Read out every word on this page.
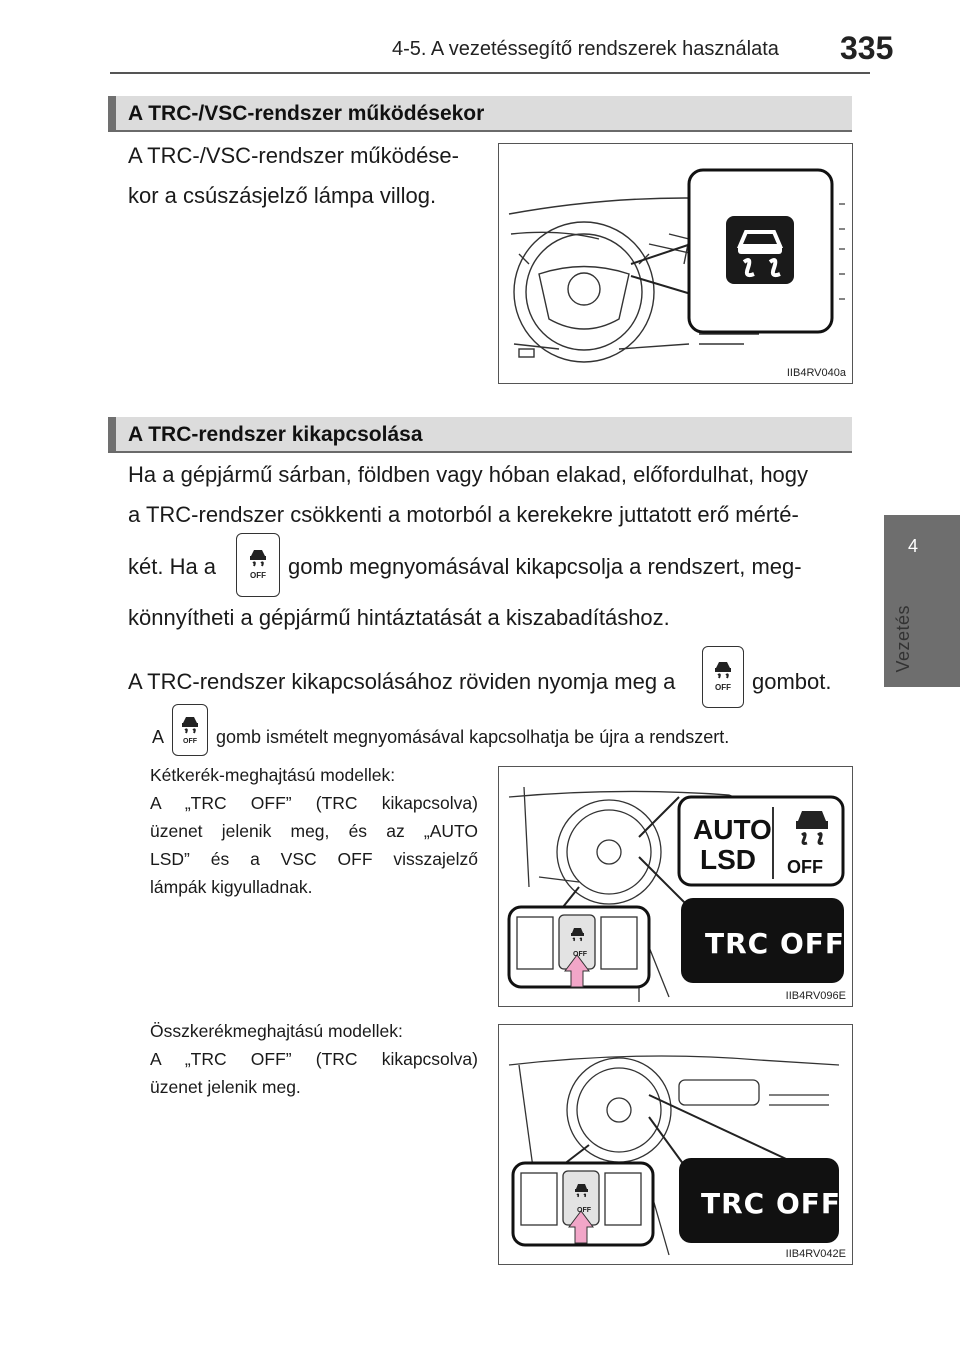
4-5. A vezetéssegítő rendszerek használata 335
4
Vezetés
A TRC-/VSC-rendszer működésekor
A TRC-/VSC-rendszer működése-
kor a csúszásjelző lámpa villog.
IIB4RV040a
A TRC-rendszer kikapcsolása
Ha a gépjármű sárban, földben vagy hóban elakad, előfordulhat, hogy
a TRC-rendszer csökkenti a motorból a kerekekre juttatott erő mérté-
két. Ha a	OFF gomb megnyomásával kikapcsolja a rendszert, meg-
könnyítheti a gépjármű hintáztatását a kiszabadításhoz.
A TRC-rendszer kikapcsolásához röviden nyomja meg a	OFF gombot.
A	OFF gomb ismételt megnyomásával kapcsolhatja be újra a rendszert.
Kétkerék-meghajtású modellek:
A „TRC OFF” (TRC kikapcsolva)
üzenet jelenik meg, és az „AUTO
LSD” és a VSC OFF visszajelző
lámpák kigyulladnak.
AUTO
LSD	OFF
TRC OFF
OFF
IIB4RV096E
Összkerékmeghajtású modellek:
A „TRC OFF” (TRC kikapcsolva)
üzenet jelenik meg.
TRC OFF
OFF
IIB4RV042E
